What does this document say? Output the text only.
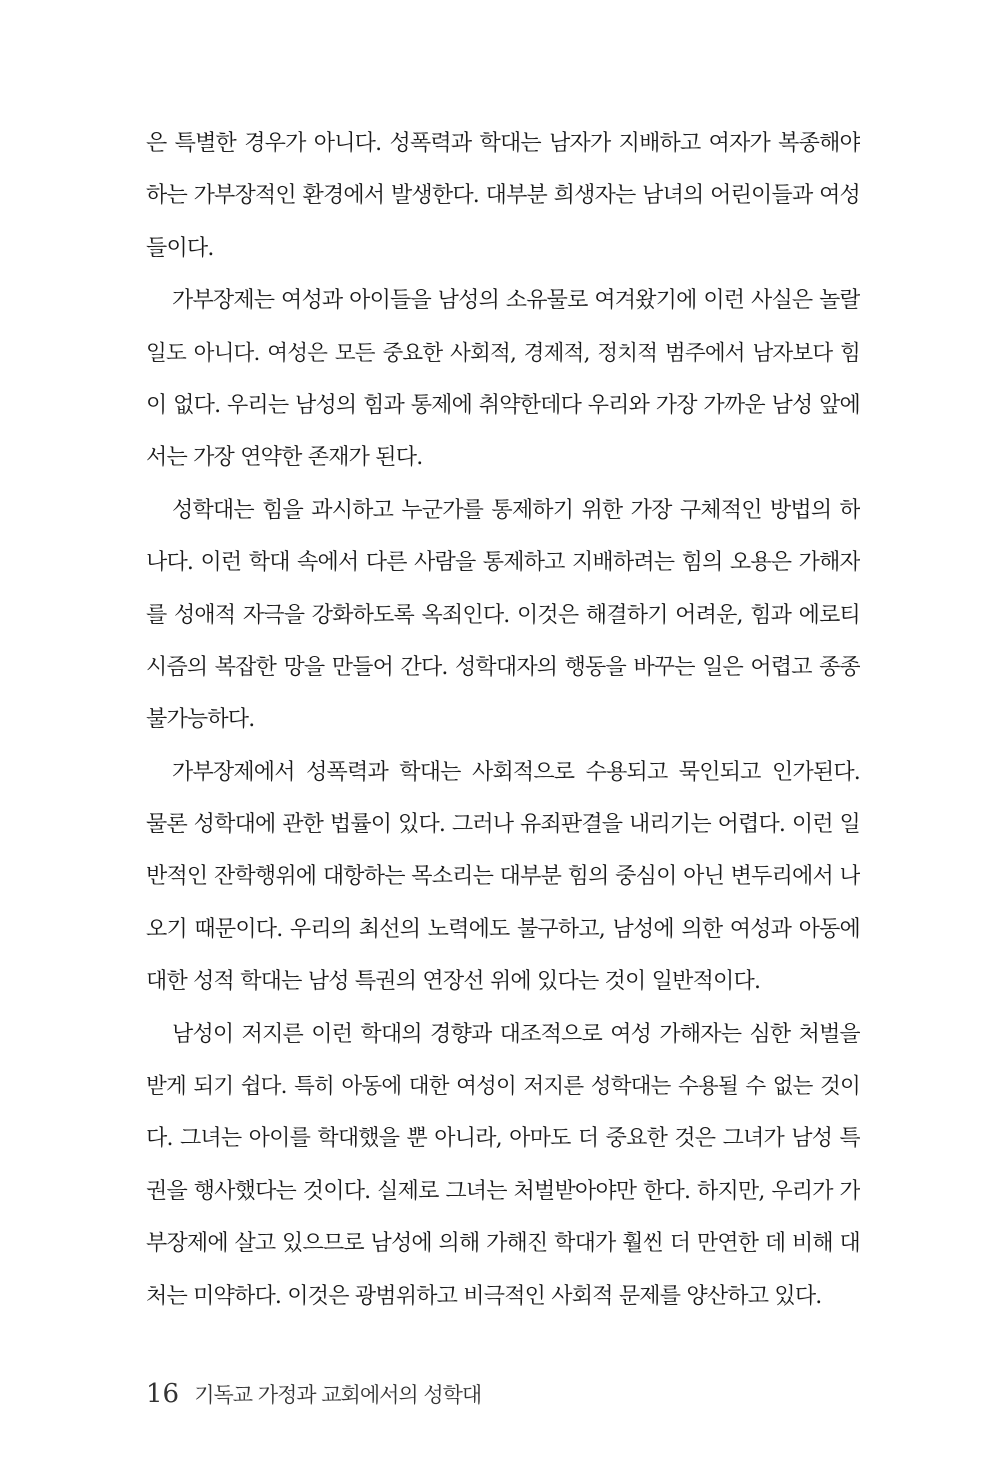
은 특별한 경우가 아니다. 성폭력과 학대는 남자가 지배하고 여자가 복종해야
하는 가부장적인 환경에서 발생한다. 대부분 희생자는 남녀의 어린이들과 여성
들이다.
가부장제는 여성과 아이들을 남성의 소유물로 여겨왔기에 이런 사실은 놀랄
일도 아니다. 여성은 모든 중요한 사회적, 경제적, 정치적 범주에서 남자보다 힘
이 없다. 우리는 남성의 힘과 통제에 취약한데다 우리와 가장 가까운 남성 앞에
서는 가장 연약한 존재가 된다.
성학대는 힘을 과시하고 누군가를 통제하기 위한 가장 구체적인 방법의 하
나다. 이런 학대 속에서 다른 사람을 통제하고 지배하려는 힘의 오용은 가해자
를 성애적 자극을 강화하도록 옥죄인다. 이것은 해결하기 어려운, 힘과 에로티
시즘의 복잡한 망을 만들어 간다. 성학대자의 행동을 바꾸는 일은 어렵고 종종
불가능하다.
가부장제에서 성폭력과 학대는 사회적으로 수용되고 묵인되고 인가된다.
물론 성학대에 관한 법률이 있다. 그러나 유죄판결을 내리기는 어렵다. 이런 일
반적인 잔학행위에 대항하는 목소리는 대부분 힘의 중심이 아닌 변두리에서 나
오기 때문이다. 우리의 최선의 노력에도 불구하고, 남성에 의한 여성과 아동에
대한 성적 학대는 남성 특권의 연장선 위에 있다는 것이 일반적이다.
남성이 저지른 이런 학대의 경향과 대조적으로 여성 가해자는 심한 처벌을
받게 되기 쉽다. 특히 아동에 대한 여성이 저지른 성학대는 수용될 수 없는 것이
다. 그녀는 아이를 학대했을 뿐 아니라, 아마도 더 중요한 것은 그녀가 남성 특
권을 행사했다는 것이다. 실제로 그녀는 처벌받아야만 한다. 하지만, 우리가 가
부장제에 살고 있으므로 남성에 의해 가해진 학대가 훨씬 더 만연한 데 비해 대
처는 미약하다. 이것은 광범위하고 비극적인 사회적 문제를 양산하고 있다.
16 기독교 가정과 교회에서의 성학대
